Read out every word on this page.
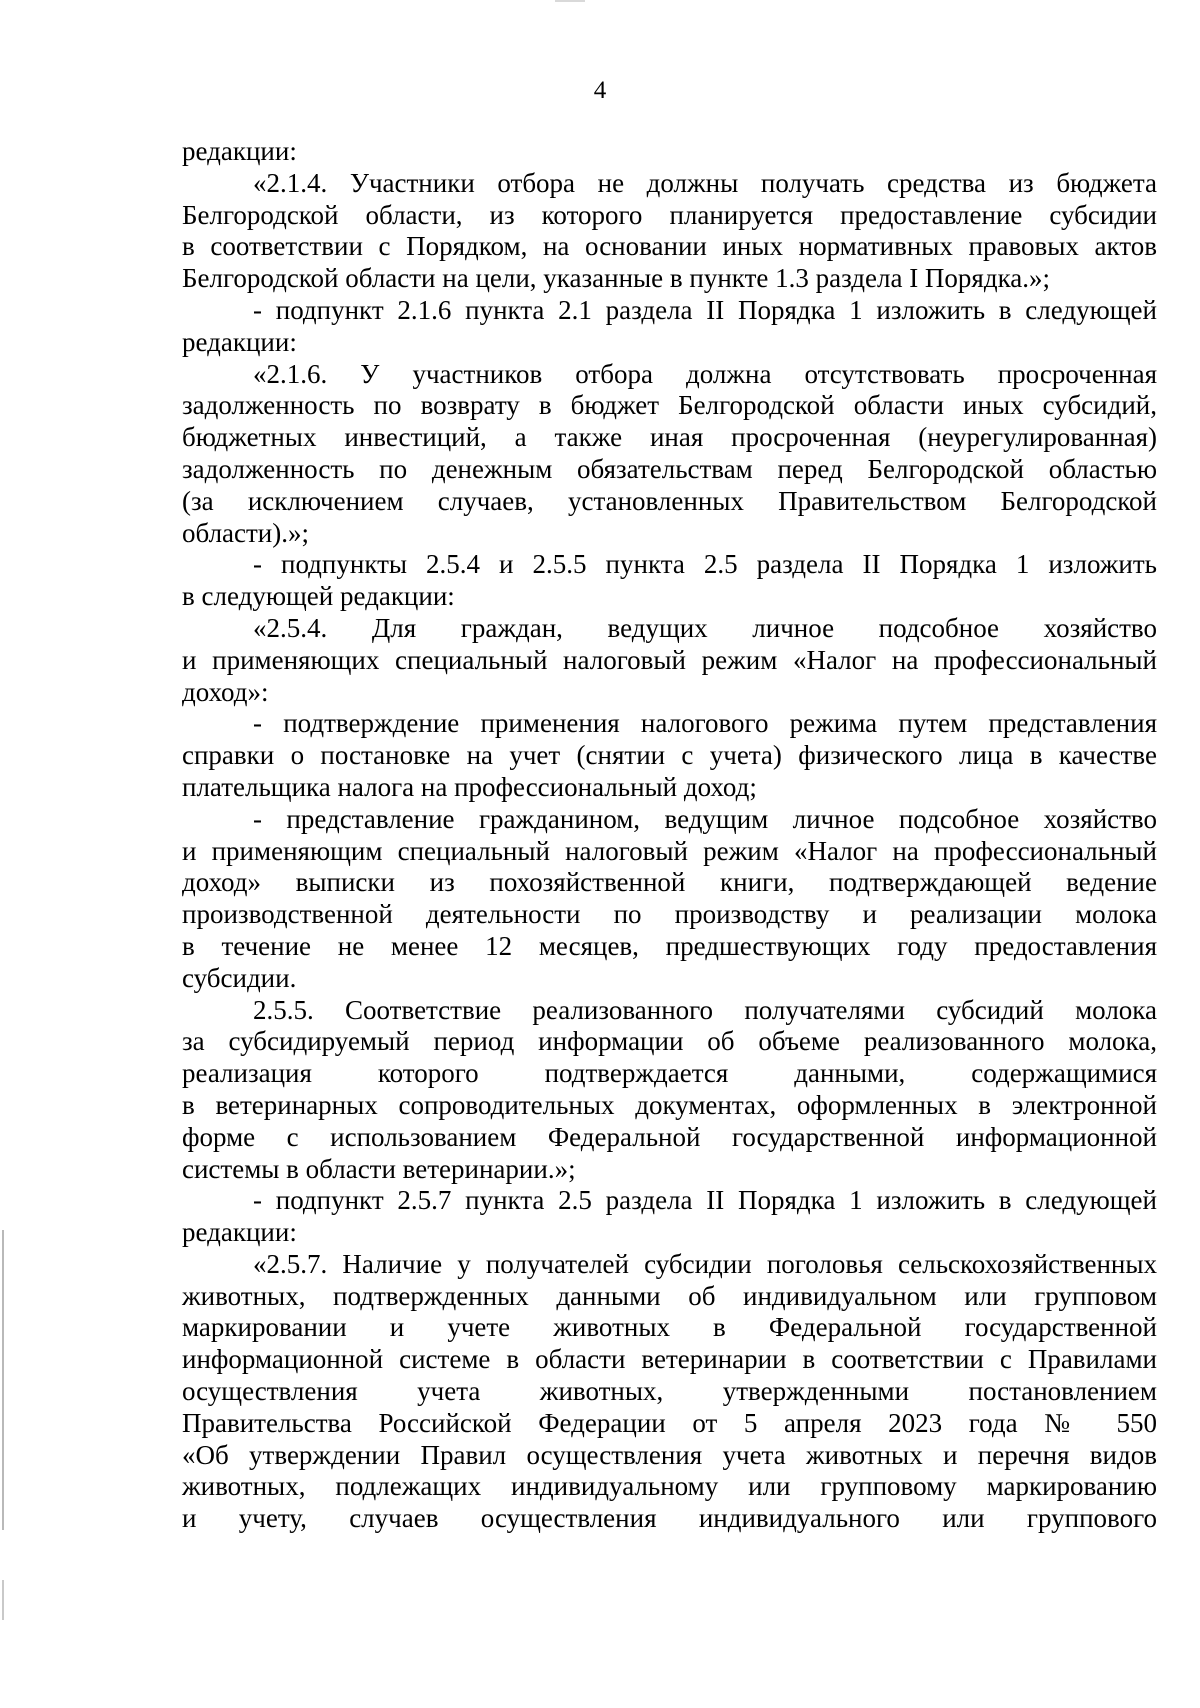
4
редакции:
«2.1.4. Участники отбора не должны получать средства из бюджета
Белгородской области, из которого планируется предоставление субсидии
в соответствии с Порядком, на основании иных нормативных правовых актов
Белгородской области на цели, указанные в пункте 1.3 раздела I Порядка.»;
- подпункт 2.1.6 пункта 2.1 раздела II Порядка 1 изложить в следующей
редакции:
«2.1.6. У участников отбора должна отсутствовать просроченная
задолженность по возврату в бюджет Белгородской области иных субсидий,
бюджетных инвестиций, а также иная просроченная (неурегулированная)
задолженность по денежным обязательствам перед Белгородской областью
(за исключением случаев, установленных Правительством Белгородской
области).»;
- подпункты 2.5.4 и 2.5.5 пункта 2.5 раздела II Порядка 1 изложить
в следующей редакции:
«2.5.4. Для граждан, ведущих личное подсобное хозяйство
и применяющих специальный налоговый режим «Налог на профессиональный
доход»:
- подтверждение применения налогового режима путем представления
справки о постановке на учет (снятии с учета) физического лица в качестве
плательщика налога на профессиональный доход;
- представление гражданином, ведущим личное подсобное хозяйство
и применяющим специальный налоговый режим «Налог на профессиональный
доход» выписки из похозяйственной книги, подтверждающей ведение
производственной деятельности по производству и реализации молока
в течение не менее 12 месяцев, предшествующих году предоставления
субсидии.
2.5.5. Соответствие реализованного получателями субсидий молока
за субсидируемый период информации об объеме реализованного молока,
реализация которого подтверждается данными, содержащимися
в ветеринарных сопроводительных документах, оформленных в электронной
форме с использованием Федеральной государственной информационной
системы в области ветеринарии.»;
- подпункт 2.5.7 пункта 2.5 раздела II Порядка 1 изложить в следующей
редакции:
«2.5.7. Наличие у получателей субсидии поголовья сельскохозяйственных
животных, подтвержденных данными об индивидуальном или групповом
маркировании и учете животных в Федеральной государственной
информационной системе в области ветеринарии в соответствии с Правилами
осуществления учета животных, утвержденными постановлением
Правительства Российской Федерации от 5 апреля 2023 года № 550
«Об утверждении Правил осуществления учета животных и перечня видов
животных, подлежащих индивидуальному или групповому маркированию
и учету, случаев осуществления индивидуального или группового
